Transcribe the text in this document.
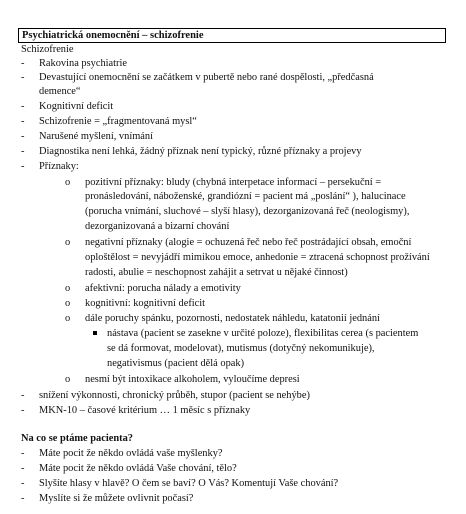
Psychiatrická onemocnění – schizofrenie
Schizofrenie
- Rakovina psychiatrie
- Devastující onemocnění se začátkem v pubertě nebo rané dospělosti, „předčasná
demence“
- Kognitivní deficit
- Schizofrenie = „fragmentovaná mysl“
- Narušené myšlení, vnímání
- Diagnostika není lehká, žádný příznak není typický, různé příznaky a projevy
- Příznaky:
o pozitivní příznaky: bludy (chybná interpetace informací – persekuční =
pronásledování, náboženské, grandiózní = pacient má „poslání“ ), halucinace
(porucha vnímání, sluchové – slyší hlasy), dezorganizovaná řeč (neologismy),
dezorganizovaná a bizarní chování
o negativní příznaky (alogie = ochuzená řeč nebo řeč postrádající obsah, emoční
oploštělost = nevyjádří mimikou emoce, anhedonie = ztracená schopnost prožívání
radosti, abulie = neschopnost zahájit a setrvat u nějaké činnost)
o afektivní: porucha nálady a emotivity
o kognitivní: kognitivní deficit
o dále poruchy spánku, pozornosti, nedostatek náhledu, katatonií jednání
nástava (pacient se zasekne v určité poloze), flexibilitas cerea (s pacientem
se dá formovat, modelovat), mutismus (dotyčný nekomunikuje),
negativismus (pacient dělá opak)
o nesmí být intoxikace alkoholem, vyloučíme depresi
- snížení výkonnosti, chronický průběh, stupor (pacient se nehýbe)
- MKN-10 – časové kritérium … 1 měsíc s příznaky
Na co se ptáme pacienta?
- Máte pocit že někdo ovládá vaše myšlenky?
- Máte pocit že někdo ovládá Vaše chování, tělo?
- Slyšíte hlasy v hlavě? O čem se baví? O Vás? Komentují Vaše chování?
- Myslíte si že můžete ovlivnit počasí?
